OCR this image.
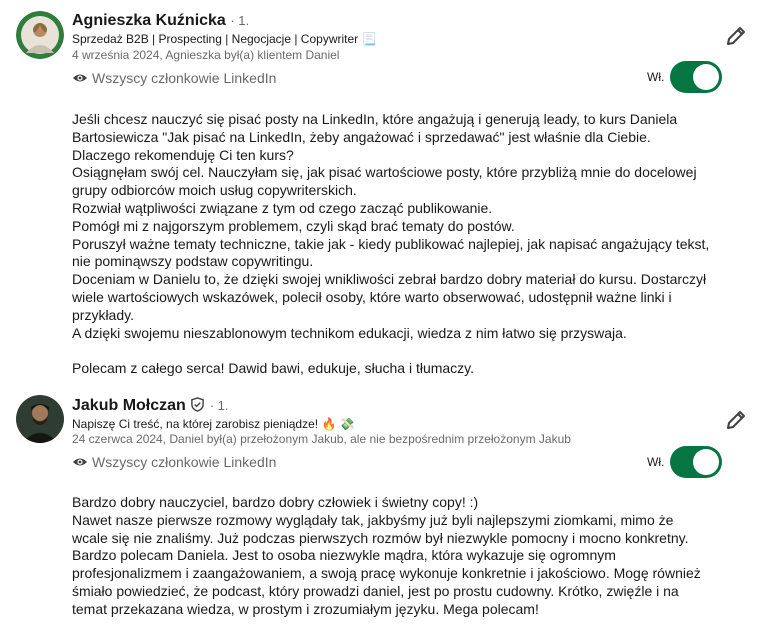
Agnieszka Kuźnicka · 1.
Sprzedaż B2B | Prospecting | Negocjacje | Copywriter 📃
4 września 2024, Agnieszka był(a) klientem Daniel
Wszyscy członkowie LinkedIn	Wł.

Jeśli chcesz nauczyć się pisać posty na LinkedIn, które angażują i generują leady, to kurs Daniela Bartosiewicza "Jak pisać na LinkedIn, żeby angażować i sprzedawać" jest właśnie dla Ciebie.

Dlaczego rekomenduję Ci ten kurs?

Osiągnęłam swój cel. Nauczyłam się, jak pisać wartościowe posty, które przybliżą mnie do docelowej grupy odbiorców moich usług copywriterskich.

Rozwiał wątpliwości związane z tym od czego zacząć publikowanie.

Pomógł mi z najgorszym problemem, czyli skąd brać tematy do postów.

Poruszył ważne tematy techniczne, takie jak - kiedy publikować najlepiej, jak napisać angażujący tekst, nie pominąwszy podstaw copywritingu.

Doceniam w Danielu to, że dzięki swojej wnikliwości zebrał bardzo dobry materiał do kursu. Dostarczył wiele wartościowych wskazówek, polecił osoby, które warto obserwować, udostępnił ważne linki i przykłady.

A dzięki swojemu nieszablonowym technikom edukacji, wiedza z nim łatwo się przyswaja.

Polecam z całego serca! Dawid bawi, edukuje, słucha i tłumaczy.

Jakub Mołczan · 1.
Napiszę Ci treść, na której zarobisz pieniądze! 🔥 💸
24 czerwca 2024, Daniel był(a) przełożonym Jakub, ale nie bezpośrednim przełożonym Jakub
Wszyscy członkowie LinkedIn	Wł.

Bardzo dobry nauczyciel, bardzo dobry człowiek i świetny copy! :)

Nawet nasze pierwsze rozmowy wyglądały tak, jakbyśmy już byli najlepszymi ziomkami, mimo że wcale się nie znaliśmy. Już podczas pierwszych rozmów był niezwykle pomocny i mocno konkretny. Bardzo polecam Daniela. Jest to osoba niezwykle mądra, która wykazuje się ogromnym profesjonalizmem i zaangażowaniem, a swoją pracę wykonuje konkretnie i jakościowo. Mogę również śmiało powiedzieć, że podcast, który prowadzi daniel, jest po prostu cudowny. Krótko, zwięźle i na temat przekazana wiedza, w prostym i zrozumiałym języku. Mega polecam!
